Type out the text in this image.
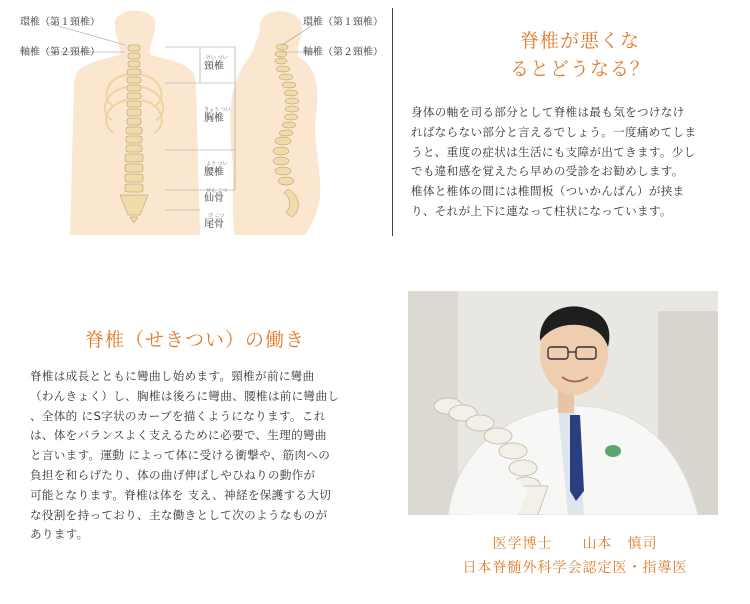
環椎（第１頸椎）
軸椎（第２頸椎）
環椎（第１頸椎）
軸椎（第２頸椎）
頸椎
胸椎
腰椎
仙骨
尾骨
けい つい
きょう つい
よう つい
せん こつ
び こつ
脊椎が悪くな
るとどうなる？
身体の軸を司る部分として脊椎は最も気をつけなけ
ればならない部分と言えるでしょう。一度痛めてしま
うと、重度の症状は生活にも支障が出てきます。少し
でも違和感を覚えたら早めの受診をお勧めします。
椎体と椎体の間には椎間板（ついかんばん）が挟ま
り、それが上下に連なって柱状になっています。
脊椎（せきつい）の働き
脊椎は成長とともに彎曲し始めます。頸椎が前に彎曲
（わんきょく）し、胸椎は後ろに彎曲、腰椎は前に彎曲し
、全体的 にS字状のカーブを描くようになります。これ
は、体をバランスよく支えるために必要で、生理的彎曲
と言います。運動 によって体に受ける衝撃や、筋肉への
負担を和らげたり、体の曲げ伸ばしやひねりの動作が
可能となります。脊椎は体を 支え、神経を保護する大切
な役割を持っており、主な働きとして次のようなものが
あります。
医学博士　　山本　慎司
日本脊髄外科学会認定医・指導医
